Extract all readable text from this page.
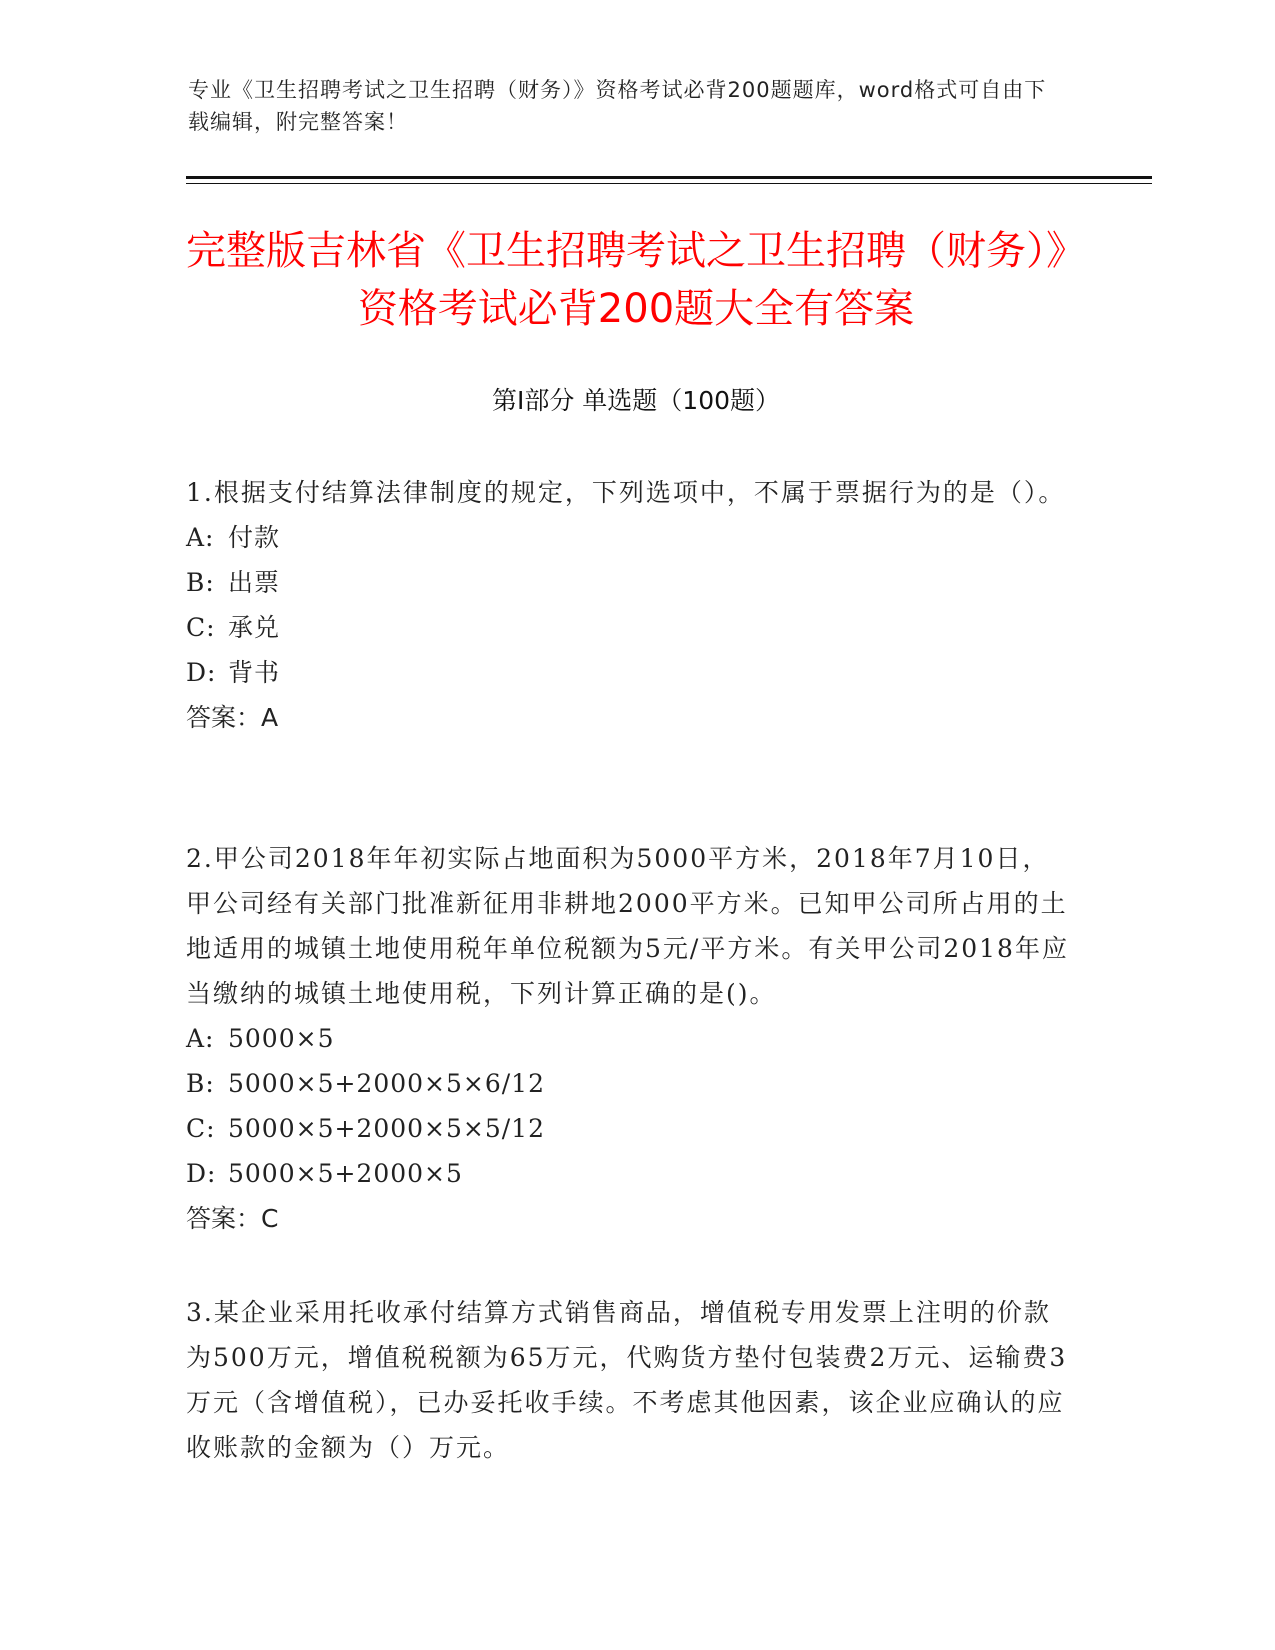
专业《卫生招聘考试之卫生招聘（财务）》资格考试必背200题题库，word格式可自由下载编辑，附完整答案！
完整版吉林省《卫生招聘考试之卫生招聘（财务）》资格考试必背200题大全有答案
第I部分 单选题（100题）

1.根据支付结算法律制度的规定，下列选项中，不属于票据行为的是（）。

A: 付款

B: 出票

C: 承兑

D: 背书

答案：A

2.甲公司2018年年初实际占地面积为5000平方米，2018年7月10日，甲公司经有关部门批准新征用非耕地2000平方米。已知甲公司所占用的土地适用的城镇土地使用税年单位税额为5元/平方米。有关甲公司2018年应当缴纳的城镇土地使用税，下列计算正确的是()。

A: 5000×5

B: 5000×5+2000×5×6/12

C: 5000×5+2000×5×5/12

D: 5000×5+2000×5

答案：C

3.某企业采用托收承付结算方式销售商品，增值税专用发票上注明的价款为500万元，增值税税额为65万元，代购货方垫付包装费2万元、运输费3万元（含增值税），已办妥托收手续。不考虑其他因素，该企业应确认的应收账款的金额为（）万元。
